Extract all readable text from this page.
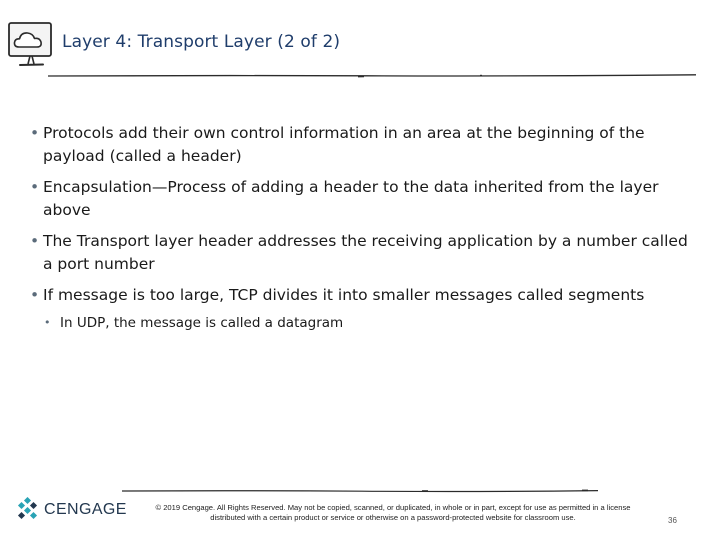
Layer 4: Transport Layer (2 of 2)

• Protocols add their own control information in an area at the beginning of the payload (called a header)

• Encapsulation—Process of adding a header to the data inherited from the layer above

• The Transport layer header addresses the receiving application by a number called a port number

• If message is too large, TCP divides it into smaller messages called segments

• In UDP, the message is called a datagram

CENGAGE	© 2019 Cengage. All Rights Reserved. May not be copied, scanned, or duplicated, in whole or in part, except for use as permitted in a license distributed with a certain product or service or otherwise on a password-protected website for classroom use.	36
